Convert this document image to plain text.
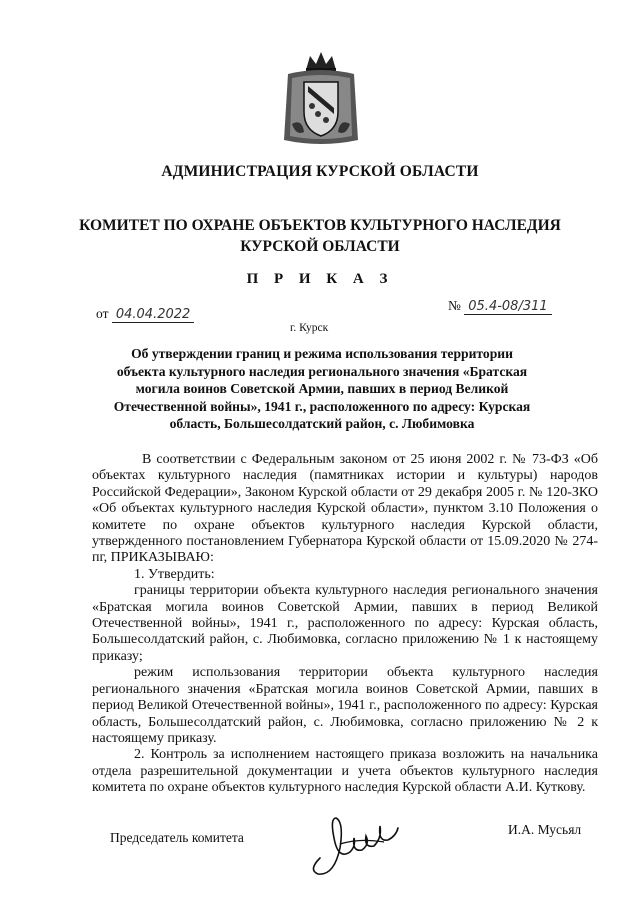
АДМИНИСТРАЦИЯ КУРСКОЙ ОБЛАСТИ
КОМИТЕТ ПО ОХРАНЕ ОБЪЕКТОВ КУЛЬТУРНОГО НАСЛЕДИЯ
КУРСКОЙ ОБЛАСТИ
П Р И К А З
от 04.04.2022
№ 05.4-08/311
г. Курск
Об утверждении границ и режима использования территории
объекта культурного наследия регионального значения «Братская
могила воинов Советской Армии, павших в период Великой
Отечественной войны», 1941 г., расположенного по адресу: Курская
область, Большесолдатский район, с. Любимовка

В соответствии с Федеральным законом от 25 июня 2002 г. № 73-ФЗ «Об объектах культурного наследия (памятниках истории и культуры) народов Российской Федерации», Законом Курской области от 29 декабря 2005 г. № 120-ЗКО «Об объектах культурного наследия Курской области», пунктом 3.10 Положения о комитете по охране объектов культурного наследия Курской области, утвержденного постановлением Губернатора Курской области от 15.09.2020 № 274-пг, ПРИКАЗЫВАЮ:

1. Утвердить:

границы территории объекта культурного наследия регионального значения «Братская могила воинов Советской Армии, павших в период Великой Отечественной войны», 1941 г., расположенного по адресу: Курская область, Большесолдатский район, с. Любимовка, согласно приложению № 1 к настоящему приказу;

режим использования территории объекта культурного наследия регионального значения «Братская могила воинов Советской Армии, павших в период Великой Отечественной войны», 1941 г., расположенного по адресу: Курская область, Большесолдатский район, с. Любимовка, согласно приложению № 2 к настоящему приказу.

2. Контроль за исполнением настоящего приказа возложить на начальника отдела разрешительной документации и учета объектов культурного наследия комитета по охране объектов культурного наследия Курской области А.И. Куткову.

Председатель комитета
И.А. Мусьял
